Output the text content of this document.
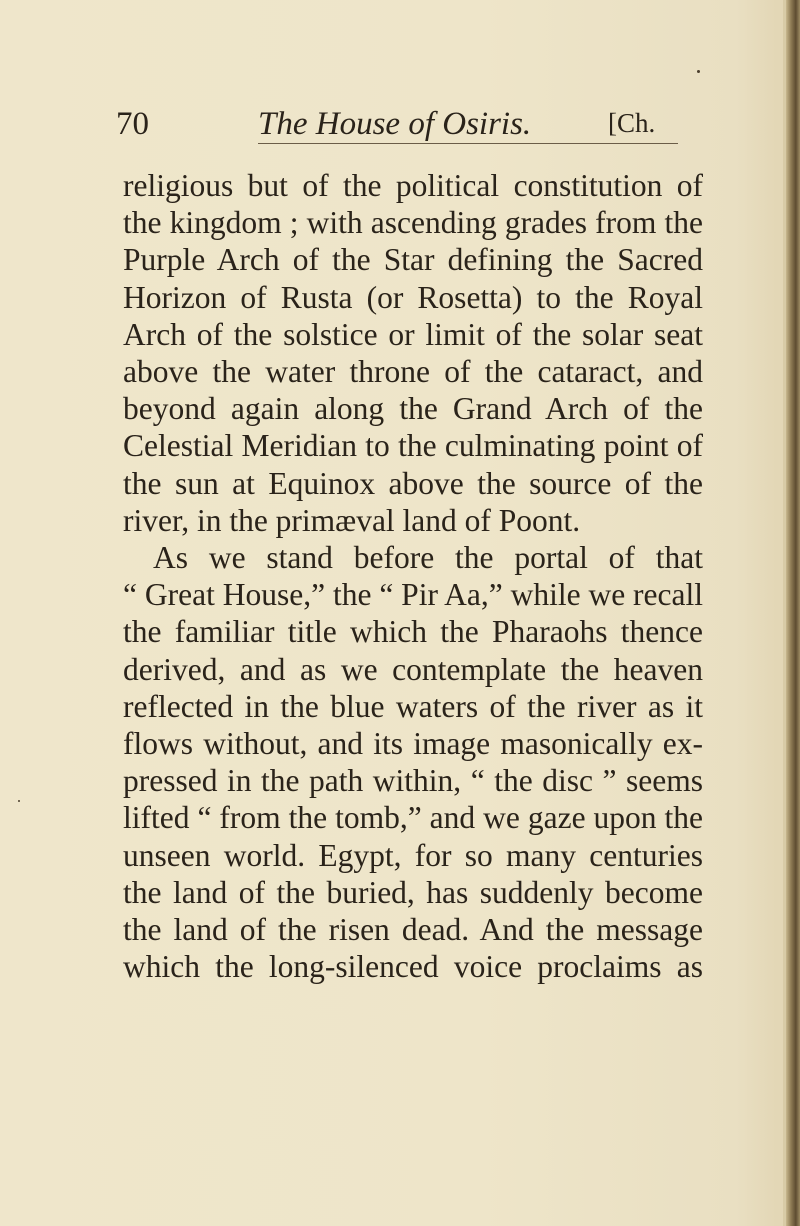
70	The House of Osiris.	[Ch.
religious but of the political constitution of
the kingdom ; with ascending grades from the
Purple Arch of the Star defining the Sacred
Horizon of Rusta (or Rosetta) to the Royal
Arch of the solstice or limit of the solar seat
above the water throne of the cataract, and
beyond again along the Grand Arch of the
Celestial Meridian to the culminating point of
the sun at Equinox above the source of the
river, in the primæval land of Poont.
As we stand before the portal of that
“ Great House,” the “ Pir Aa,” while we recall
the familiar title which the Pharaohs thence
derived, and as we contemplate the heaven
reflected in the blue waters of the river as it
flows without, and its image masonically ex-
pressed in the path within, “ the disc ” seems
lifted “ from the tomb,” and we gaze upon the
unseen world. Egypt, for so many centuries
the land of the buried, has suddenly become
the land of the risen dead. And the message
which the long-silenced voice proclaims as
